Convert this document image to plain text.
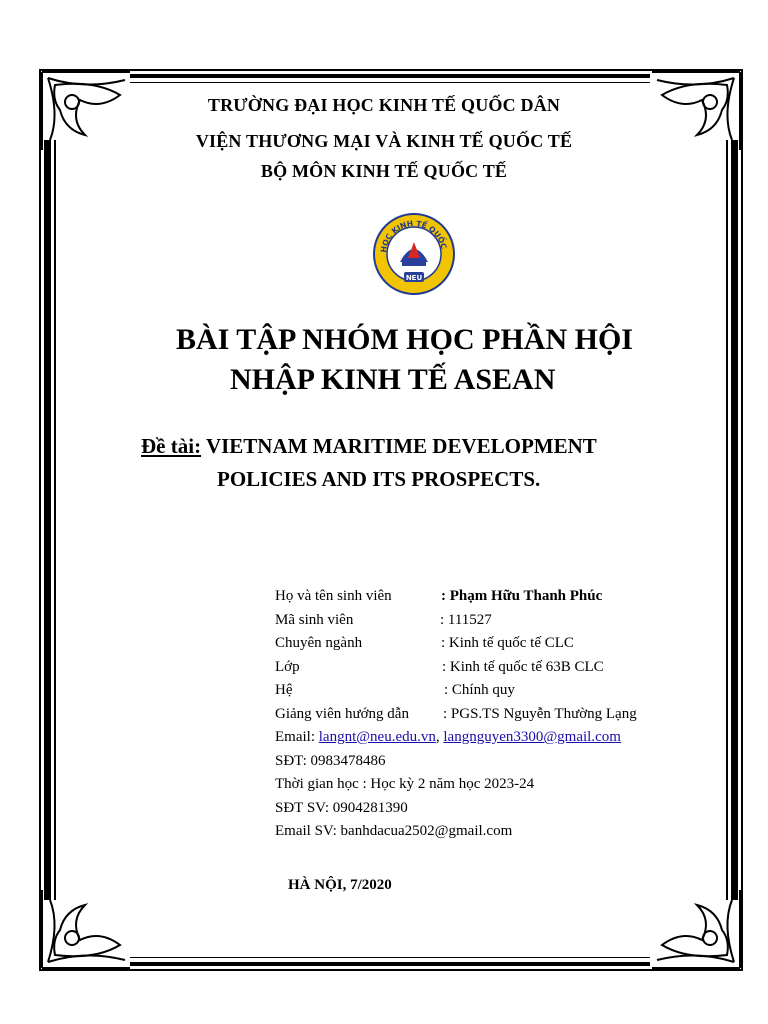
TRƯỜNG ĐẠI HỌC KINH TẾ QUỐC DÂN
VIỆN THƯƠNG MẠI VÀ KINH TẾ QUỐC TẾ
BỘ MÔN KINH TẾ QUỐC TẾ
HỌC KINH TẾ QUỐC
NEU
BÀI TẬP NHÓM HỌC PHẦN HỘI
NHẬP KINH TẾ ASEAN
Đề tài: VIETNAM MARITIME DEVELOPMENT
POLICIES AND ITS PROSPECTS.
Họ và tên sinh viên	: Phạm Hữu Thanh Phúc
Mã sinh viên	: 111527
Chuyên ngành	: Kinh tế quốc tế CLC
Lớp	: Kinh tế quốc tế 63B CLC
Hệ	: Chính quy
Giảng viên hướng dẫn : PGS.TS Nguyễn Thường Lạng
Email: langnt@neu.edu.vn, langnguyen3300@gmail.com
SĐT: 0983478486
Thời gian học : Học kỳ 2 năm học 2023-24
SĐT SV: 0904281390
Email SV: banhdacua2502@gmail.com
HÀ NỘI, 7/2020
